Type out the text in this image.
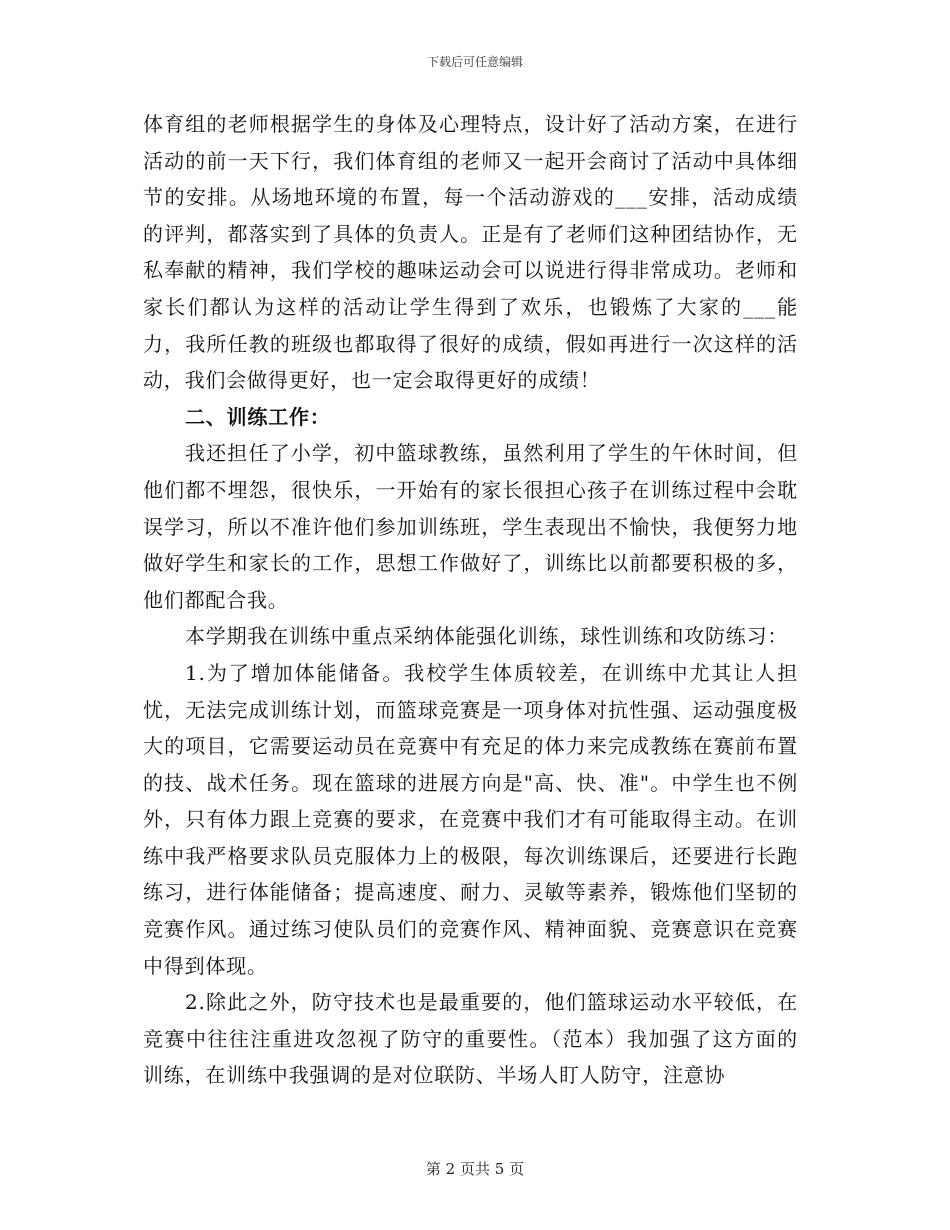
下载后可任意编辑

体育组的老师根据学生的身体及心理特点，设计好了活动方案，在进行活动的前一天下行，我们体育组的老师又一起开会商讨了活动中具体细节的安排。从场地环境的布置，每一个活动游戏的___安排，活动成绩的评判，都落实到了具体的负责人。正是有了老师们这种团结协作，无私奉献的精神，我们学校的趣味运动会可以说进行得非常成功。老师和家长们都认为这样的活动让学生得到了欢乐，也锻炼了大家的___能力，我所任教的班级也都取得了很好的成绩，假如再进行一次这样的活动，我们会做得更好，也一定会取得更好的成绩！

二、训练工作：

我还担任了小学，初中篮球教练，虽然利用了学生的午休时间，但他们都不埋怨，很快乐，一开始有的家长很担心孩子在训练过程中会耽误学习，所以不准许他们参加训练班，学生表现出不愉快，我便努力地做好学生和家长的工作，思想工作做好了，训练比以前都要积极的多，他们都配合我。

本学期我在训练中重点采纳体能强化训练，球性训练和攻防练习：

1.为了增加体能储备。我校学生体质较差，在训练中尤其让人担忧，无法完成训练计划，而篮球竞赛是一项身体对抗性强、运动强度极大的项目，它需要运动员在竞赛中有充足的体力来完成教练在赛前布置的技、战术任务。现在篮球的进展方向是"高、快、准"。中学生也不例外，只有体力跟上竞赛的要求，在竞赛中我们才有可能取得主动。在训练中我严格要求队员克服体力上的极限，每次训练课后，还要进行长跑练习，进行体能储备；提高速度、耐力、灵敏等素养，锻炼他们坚韧的竞赛作风。通过练习使队员们的竞赛作风、精神面貌、竞赛意识在竞赛中得到体现。

2.除此之外，防守技术也是最重要的，他们篮球运动水平较低，在竞赛中往往注重进攻忽视了防守的重要性。（范本）我加强了这方面的训练，在训练中我强调的是对位联防、半场人盯人防守，注意协

第 2 页共 5 页
